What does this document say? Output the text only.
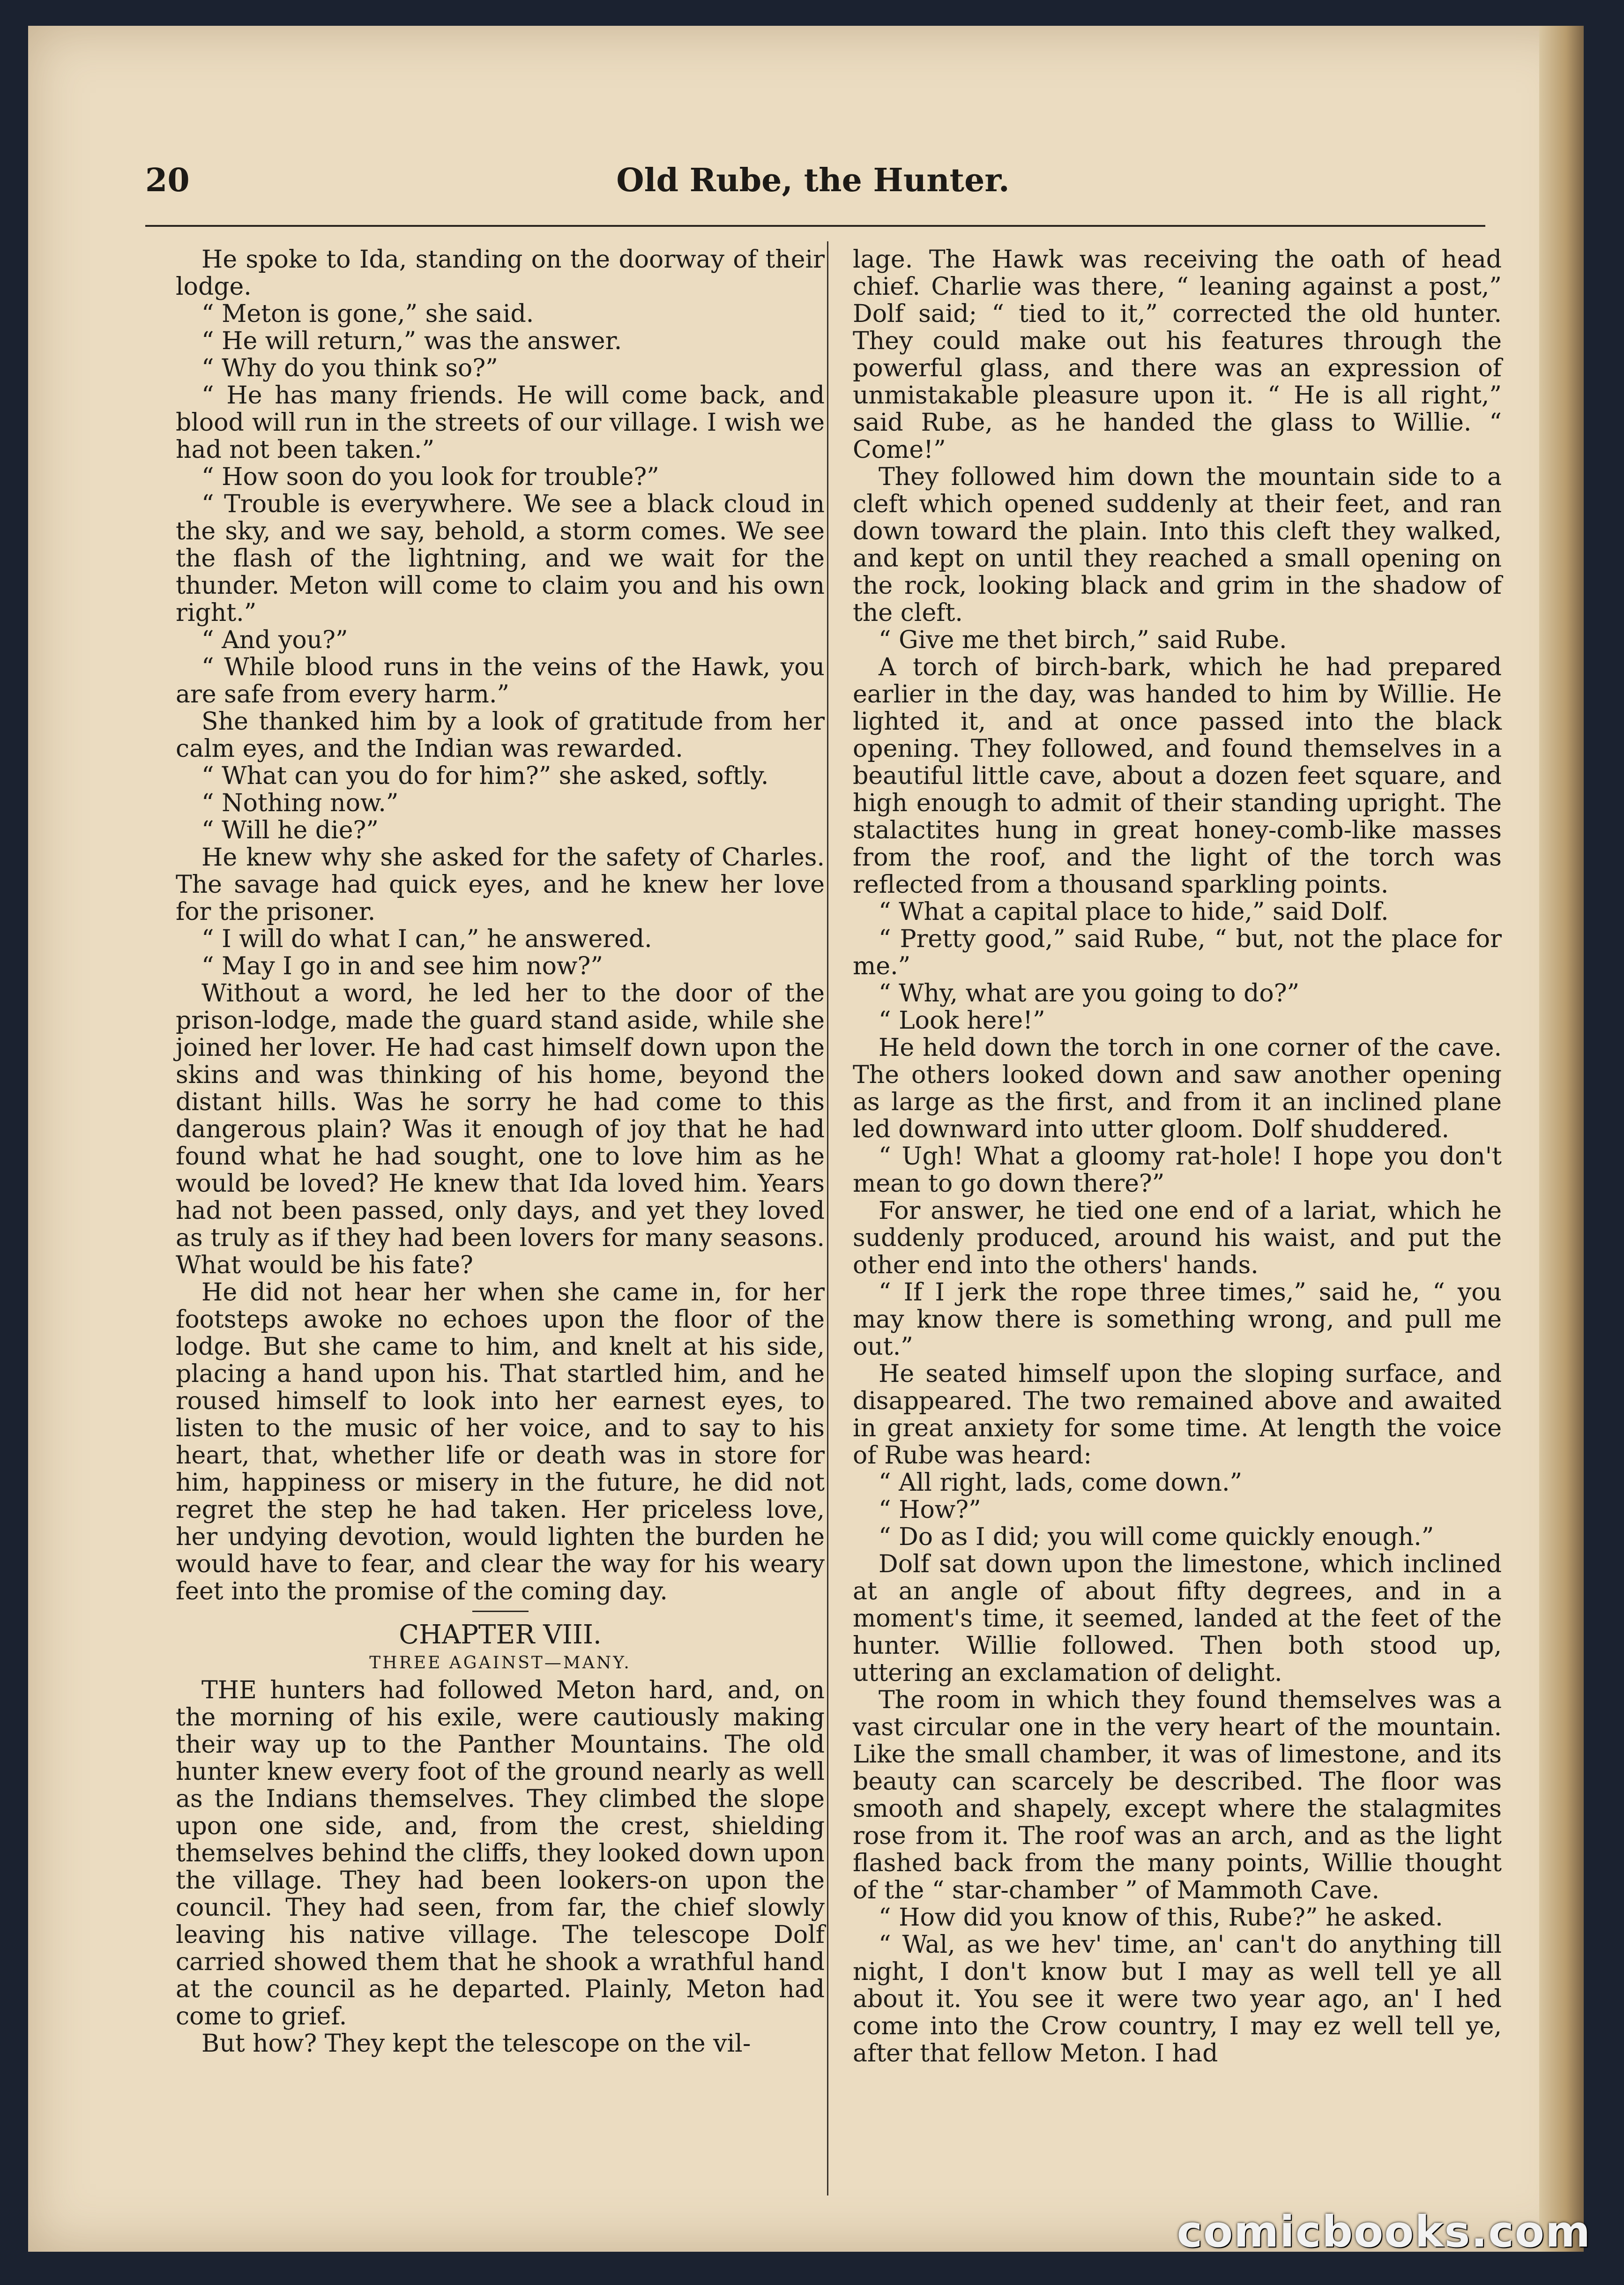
20	Old Rube, the Hunter.

He spoke to Ida, standing on the doorway of their lodge.

“ Meton is gone,” she said.

“ He will return,” was the answer.

“ Why do you think so?”

“ He has many friends. He will come back, and blood will run in the streets of our village. I wish we had not been taken.”

“ How soon do you look for trouble?”

“ Trouble is everywhere. We see a black cloud in the sky, and we say, behold, a storm comes. We see the flash of the lightning, and we wait for the thunder. Meton will come to claim you and his own right.”

“ And you?”

“ While blood runs in the veins of the Hawk, you are safe from every harm.”

She thanked him by a look of gratitude from her calm eyes, and the Indian was rewarded.

“ What can you do for him?” she asked, softly.

“ Nothing now.”

“ Will he die?”

He knew why she asked for the safety of Charles. The savage had quick eyes, and he knew her love for the prisoner.

“ I will do what I can,” he answered.

“ May I go in and see him now?”

Without a word, he led her to the door of the prison-lodge, made the guard stand aside, while she joined her lover. He had cast himself down upon the skins and was thinking of his home, beyond the distant hills. Was he sorry he had come to this dangerous plain? Was it enough of joy that he had found what he had sought, one to love him as he would be loved? He knew that Ida loved him. Years had not been passed, only days, and yet they loved as truly as if they had been lovers for many seasons. What would be his fate?

He did not hear her when she came in, for her footsteps awoke no echoes upon the floor of the lodge. But she came to him, and knelt at his side, placing a hand upon his. That startled him, and he roused himself to look into her earnest eyes, to listen to the music of her voice, and to say to his heart, that, whether life or death was in store for him, happiness or misery in the future, he did not regret the step he had taken. Her priceless love, her undying devotion, would lighten the burden he would have to fear, and clear the way for his weary feet into the promise of the coming day.

CHAPTER VIII.

THREE AGAINST—MANY.

THE hunters had followed Meton hard, and, on the morning of his exile, were cautiously making their way up to the Panther Mountains. The old hunter knew every foot of the ground nearly as well as the Indians themselves. They climbed the slope upon one side, and, from the crest, shielding themselves behind the cliffs, they looked down upon the village. They had been lookers-on upon the council. They had seen, from far, the chief slowly leaving his native village. The telescope Dolf carried showed them that he shook a wrathful hand at the council as he departed. Plainly, Meton had come to grief.

But how? They kept the telescope on the vil-

lage. The Hawk was receiving the oath of head chief. Charlie was there, “ leaning against a post,” Dolf said; “ tied to it,” corrected the old hunter. They could make out his features through the powerful glass, and there was an expression of unmistakable pleasure upon it. “ He is all right,” said Rube, as he handed the glass to Willie. “ Come!”

They followed him down the mountain side to a cleft which opened suddenly at their feet, and ran down toward the plain. Into this cleft they walked, and kept on until they reached a small opening on the rock, looking black and grim in the shadow of the cleft.

“ Give me thet birch,” said Rube.

A torch of birch-bark, which he had prepared earlier in the day, was handed to him by Willie. He lighted it, and at once passed into the black opening. They followed, and found themselves in a beautiful little cave, about a dozen feet square, and high enough to admit of their standing upright. The stalactites hung in great honey-comb-like masses from the roof, and the light of the torch was reflected from a thousand sparkling points.

“ What a capital place to hide,” said Dolf.

“ Pretty good,” said Rube, “ but, not the place for me.”

“ Why, what are you going to do?”

“ Look here!”

He held down the torch in one corner of the cave. The others looked down and saw another opening as large as the first, and from it an inclined plane led downward into utter gloom. Dolf shuddered.

“ Ugh! What a gloomy rat-hole! I hope you don't mean to go down there?”

For answer, he tied one end of a lariat, which he suddenly produced, around his waist, and put the other end into the others' hands.

“ If I jerk the rope three times,” said he, “ you may know there is something wrong, and pull me out.”

He seated himself upon the sloping surface, and disappeared. The two remained above and awaited in great anxiety for some time. At length the voice of Rube was heard:

“ All right, lads, come down.”

“ How?”

“ Do as I did; you will come quickly enough.”

Dolf sat down upon the limestone, which inclined at an angle of about fifty degrees, and in a moment's time, it seemed, landed at the feet of the hunter. Willie followed. Then both stood up, uttering an exclamation of delight.

The room in which they found themselves was a vast circular one in the very heart of the mountain. Like the small chamber, it was of limestone, and its beauty can scarcely be described. The floor was smooth and shapely, except where the stalagmites rose from it. The roof was an arch, and as the light flashed back from the many points, Willie thought of the “ star-chamber ” of Mammoth Cave.

“ How did you know of this, Rube?” he asked.

“ Wal, as we hev' time, an' can't do anything till night, I don't know but I may as well tell ye all about it. You see it were two year ago, an' I hed come into the Crow country, I may ez well tell ye, after that fellow Meton. I had

comicbooks.com
